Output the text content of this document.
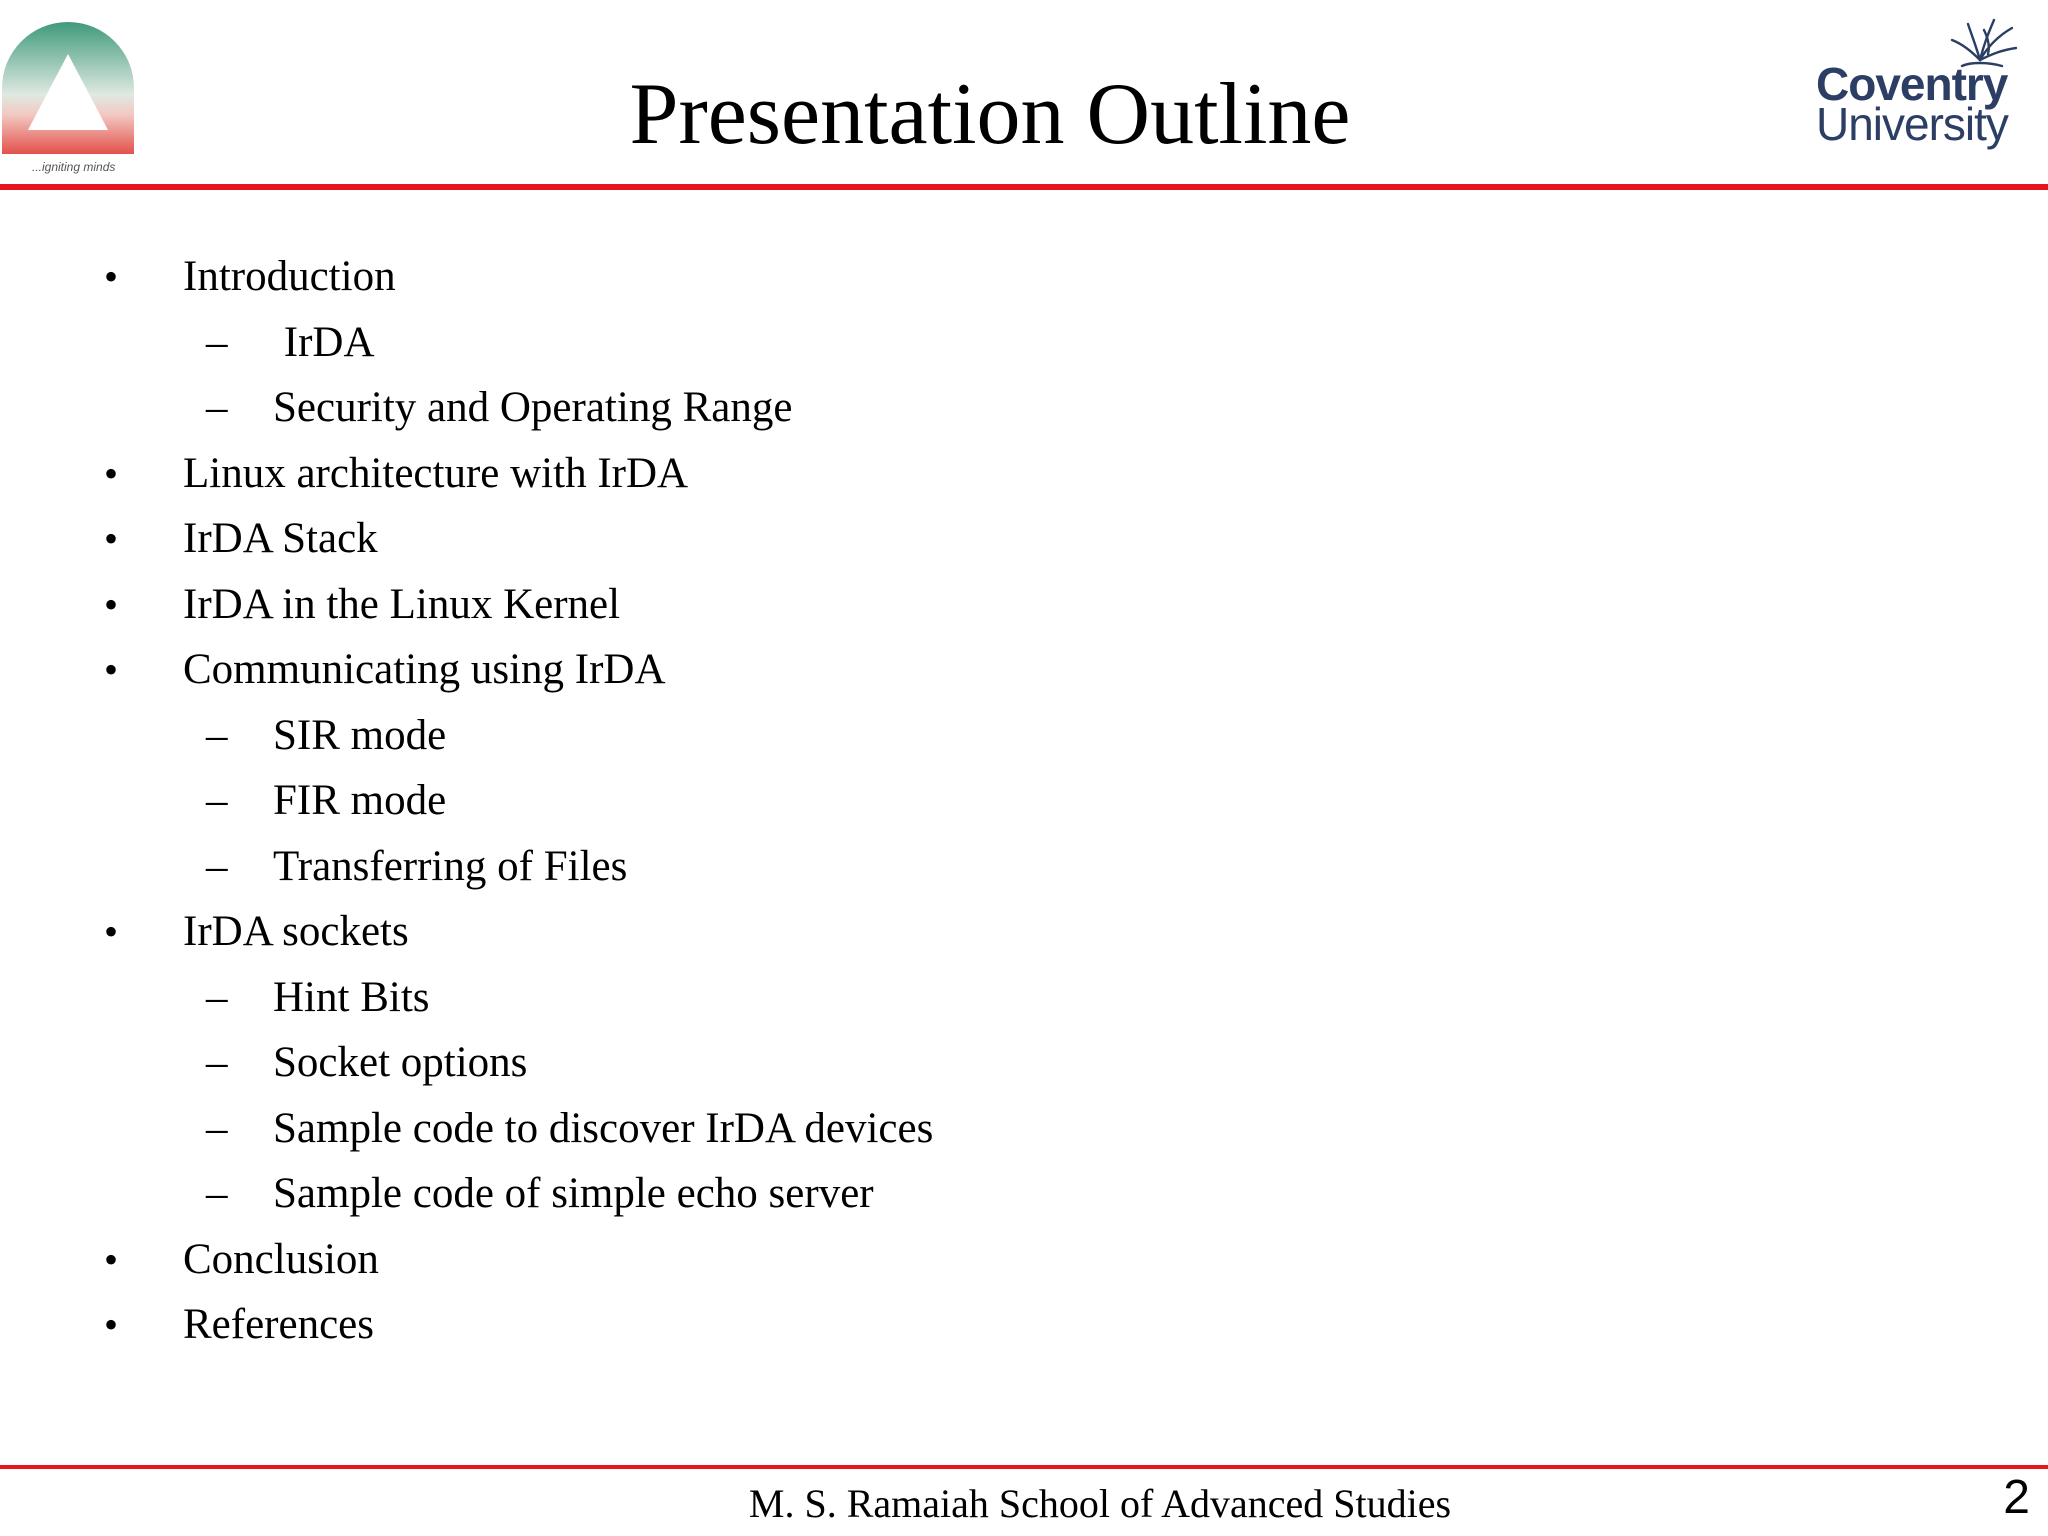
...igniting minds
Coventry
University
Presentation Outline
• Introduction
– IrDA
– Security and Operating Range
• Linux architecture with IrDA
• IrDA Stack
• IrDA in the Linux Kernel
• Communicating using IrDA
– SIR mode
– FIR mode
– Transferring of Files
• IrDA sockets
– Hint Bits
– Socket options
– Sample code to discover IrDA devices
– Sample code of simple echo server
• Conclusion
• References
M. S. Ramaiah School of Advanced Studies	2
